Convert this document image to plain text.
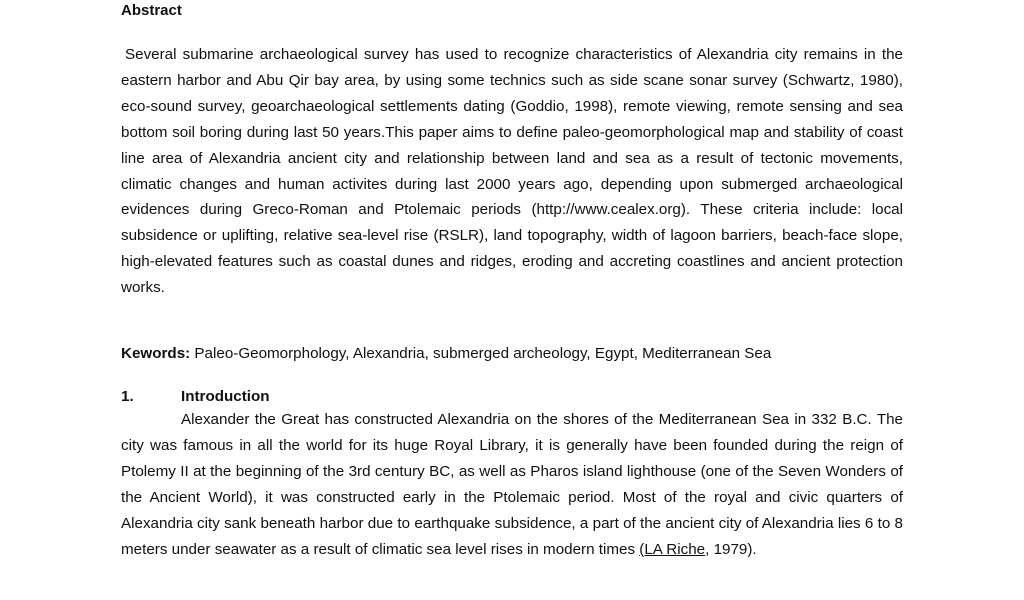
Abstract

Several submarine archaeological survey has used to recognize characteristics of Alexandria city remains in the eastern harbor and Abu Qir bay area, by using some technics such as side scane sonar survey (Schwartz, 1980), eco-sound survey, geoarchaeological settlements dating (Goddio, 1998), remote viewing, remote sensing and sea bottom soil boring during last 50 years.This paper aims to define paleo-geomorphological map and stability of coast line area of Alexandria ancient city and relationship between land and sea as a result of tectonic movements, climatic changes and human activites during last 2000 years ago, depending upon submerged archaeological evidences during Greco-Roman and Ptolemaic periods (http://www.cealex.org). These criteria include: local subsidence or uplifting, relative sea-level rise (RSLR), land topography, width of lagoon barriers, beach-face slope, high-elevated features such as coastal dunes and ridges, eroding and accreting coastlines and ancient protection works.

Kewords: Paleo-Geomorphology, Alexandria, submerged archeology, Egypt, Mediterranean Sea

1.	Introduction

Alexander the Great has constructed Alexandria on the shores of the Mediterranean Sea in 332 B.C. The city was famous in all the world for its huge Royal Library, it is generally have been founded during the reign of Ptolemy II at the beginning of the 3rd century BC, as well as Pharos island lighthouse (one of the Seven Wonders of the Ancient World), it was constructed early in the Ptolemaic period. Most of the royal and civic quarters of Alexandria city sank beneath harbor due to earthquake subsidence, a part of the ancient city of Alexandria lies 6 to 8 meters under seawater as a result of climatic sea level rises in modern times (LA Riche, 1979).
